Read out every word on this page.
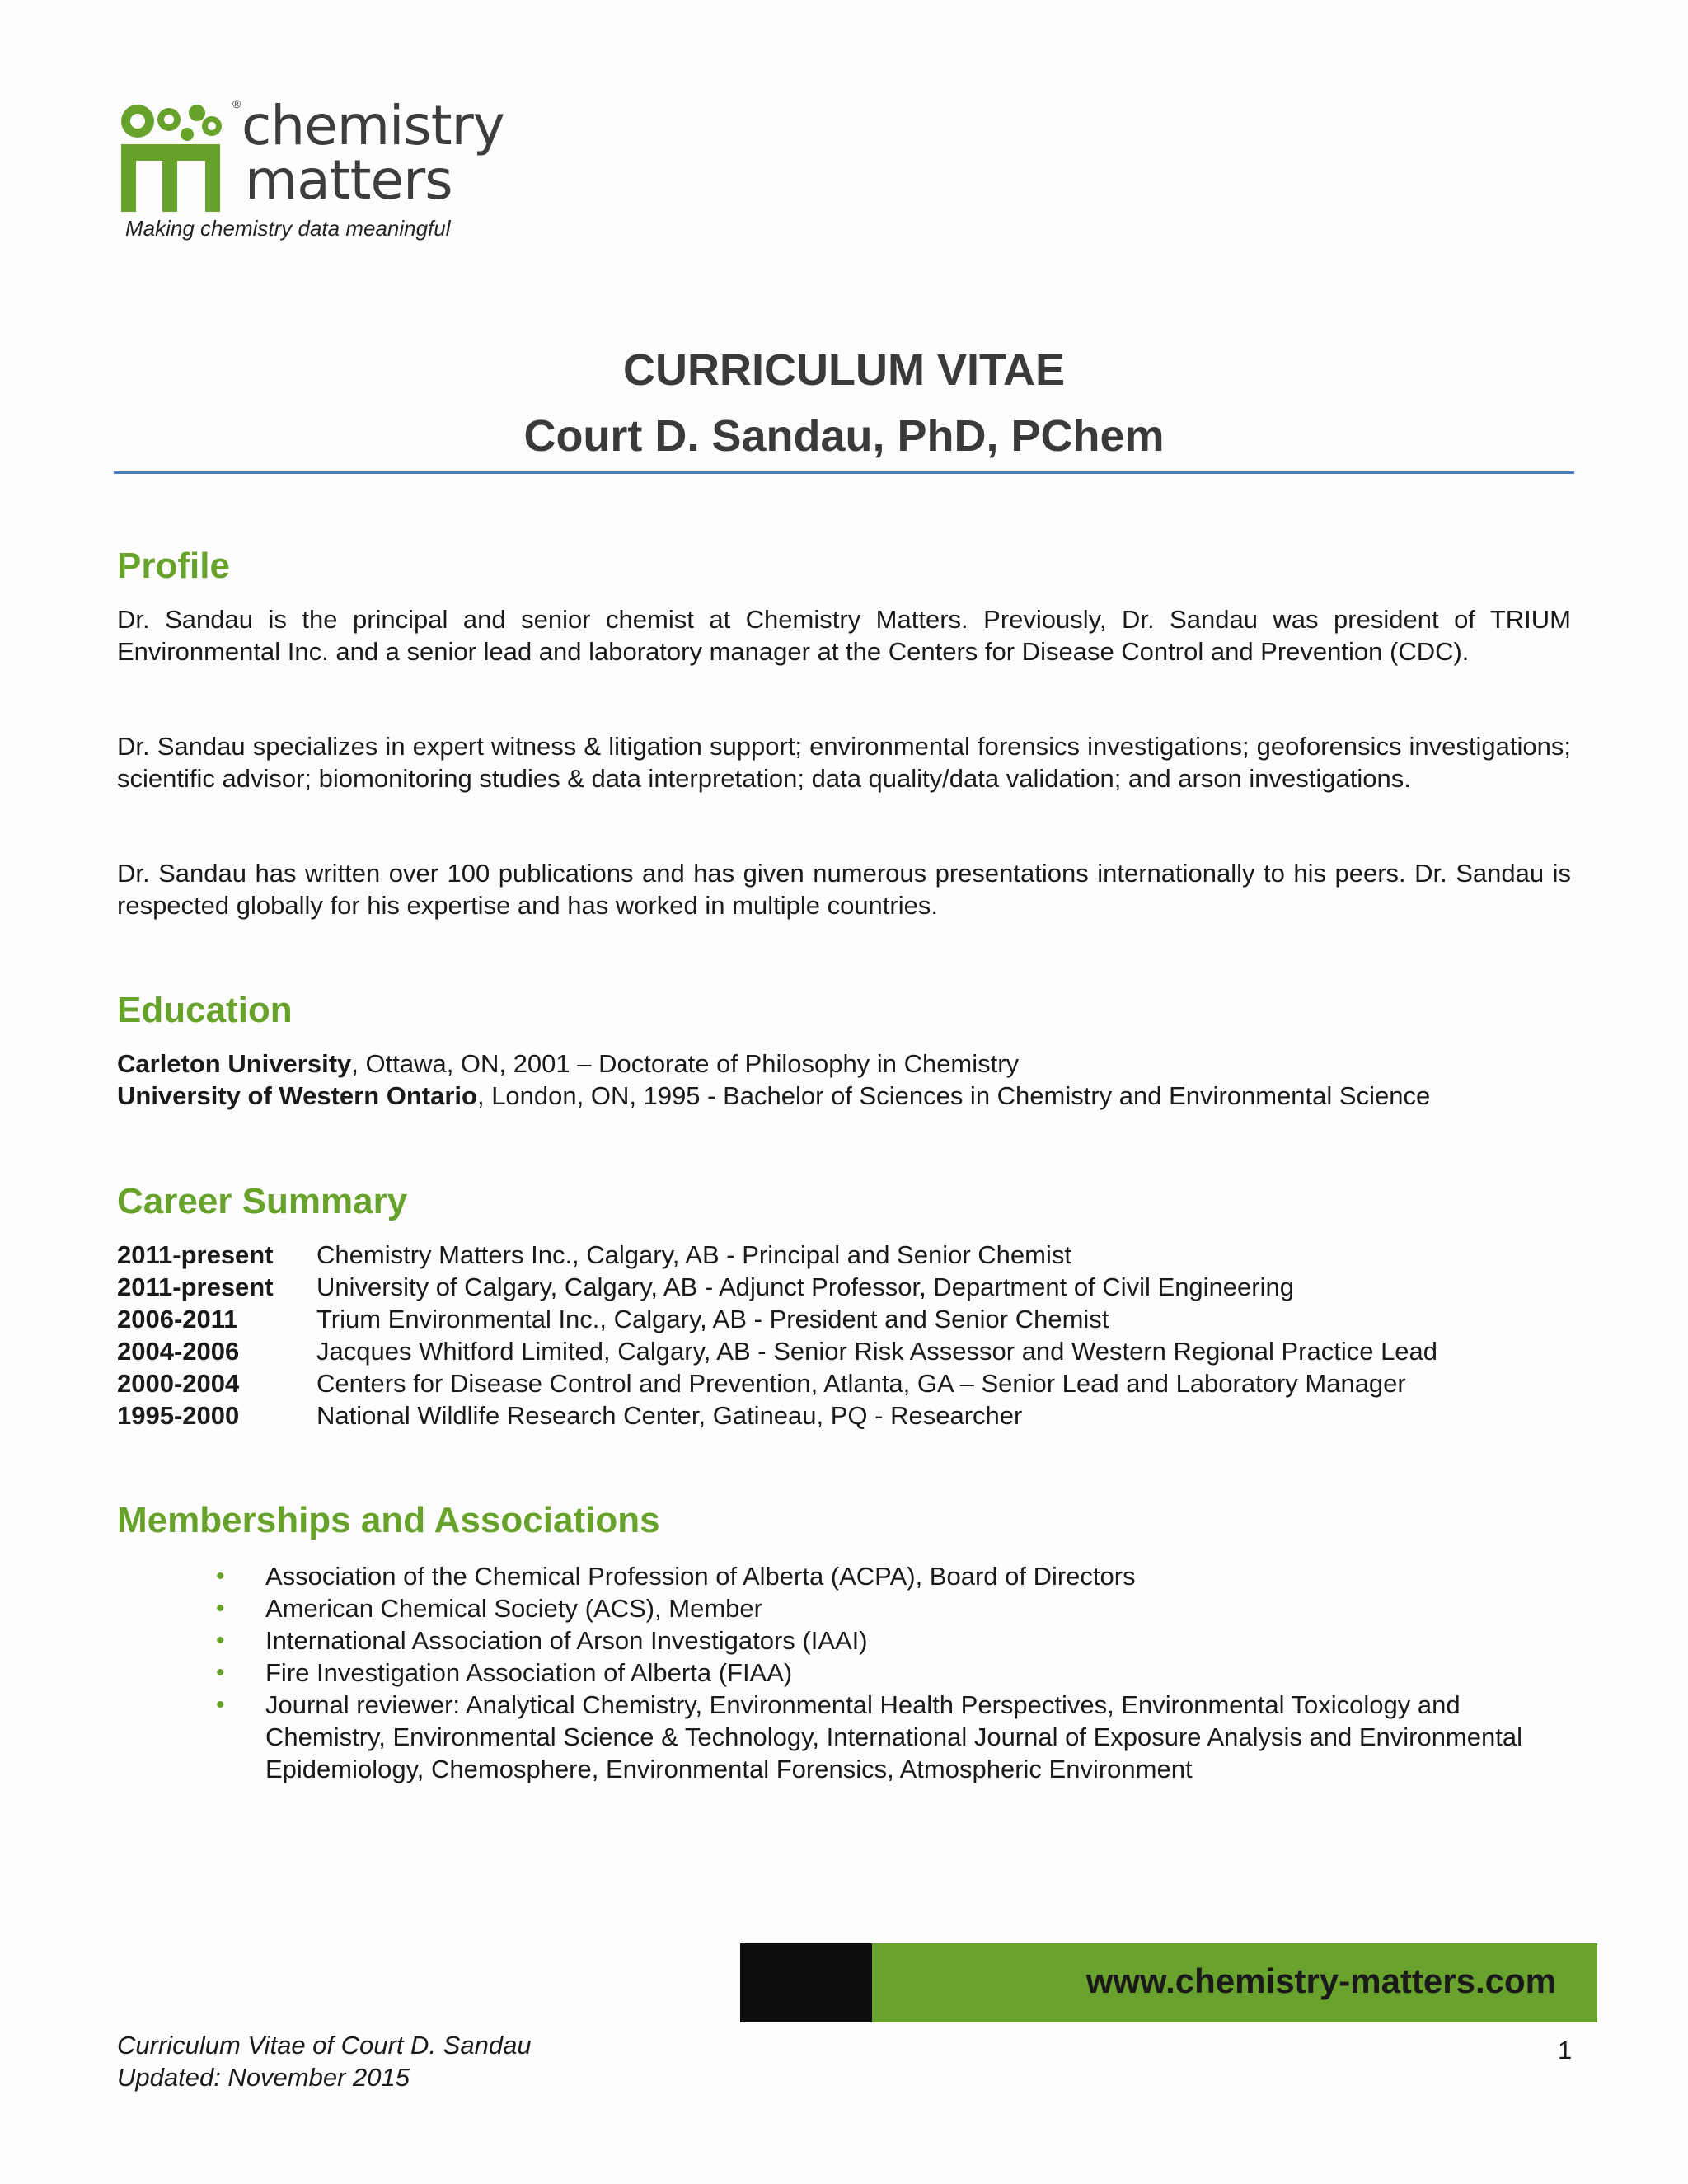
® chemistry
matters
Making chemistry data meaningful
CURRICULUM VITAE
Court D. Sandau, PhD, PChem
Profile
Dr. Sandau is the principal and senior chemist at Chemistry Matters. Previously, Dr. Sandau was president of TRIUM Environmental Inc. and a senior lead and laboratory manager at the Centers for Disease Control and Prevention (CDC).
Dr. Sandau specializes in expert witness & litigation support; environmental forensics investigations; geoforensics investigations; scientific advisor; biomonitoring studies & data interpretation; data quality/data validation; and arson investigations.
Dr. Sandau has written over 100 publications and has given numerous presentations internationally to his peers. Dr. Sandau is respected globally for his expertise and has worked in multiple countries.
Education
Carleton University, Ottawa, ON, 2001 – Doctorate of Philosophy in Chemistry
University of Western Ontario, London, ON, 1995 - Bachelor of Sciences in Chemistry and Environmental Science
Career Summary
2011-present Chemistry Matters Inc., Calgary, AB - Principal and Senior Chemist
2011-present University of Calgary, Calgary, AB - Adjunct Professor, Department of Civil Engineering
2006-2011	Trium Environmental Inc., Calgary, AB - President and Senior Chemist
2004-2006	Jacques Whitford Limited, Calgary, AB - Senior Risk Assessor and Western Regional Practice Lead
2000-2004	Centers for Disease Control and Prevention, Atlanta, GA – Senior Lead and Laboratory Manager
1995-2000	National Wildlife Research Center, Gatineau, PQ - Researcher
Memberships and Associations
• Association of the Chemical Profession of Alberta (ACPA), Board of Directors
• American Chemical Society (ACS), Member
• International Association of Arson Investigators (IAAI)
• Fire Investigation Association of Alberta (FIAA)
• Journal reviewer: Analytical Chemistry, Environmental Health Perspectives, Environmental Toxicology and Chemistry, Environmental Science & Technology, International Journal of Exposure Analysis and Environmental Epidemiology, Chemosphere, Environmental Forensics, Atmospheric Environment
www.chemistry-matters.com
Curriculum Vitae of Court D. Sandau
Updated: November 2015
1
